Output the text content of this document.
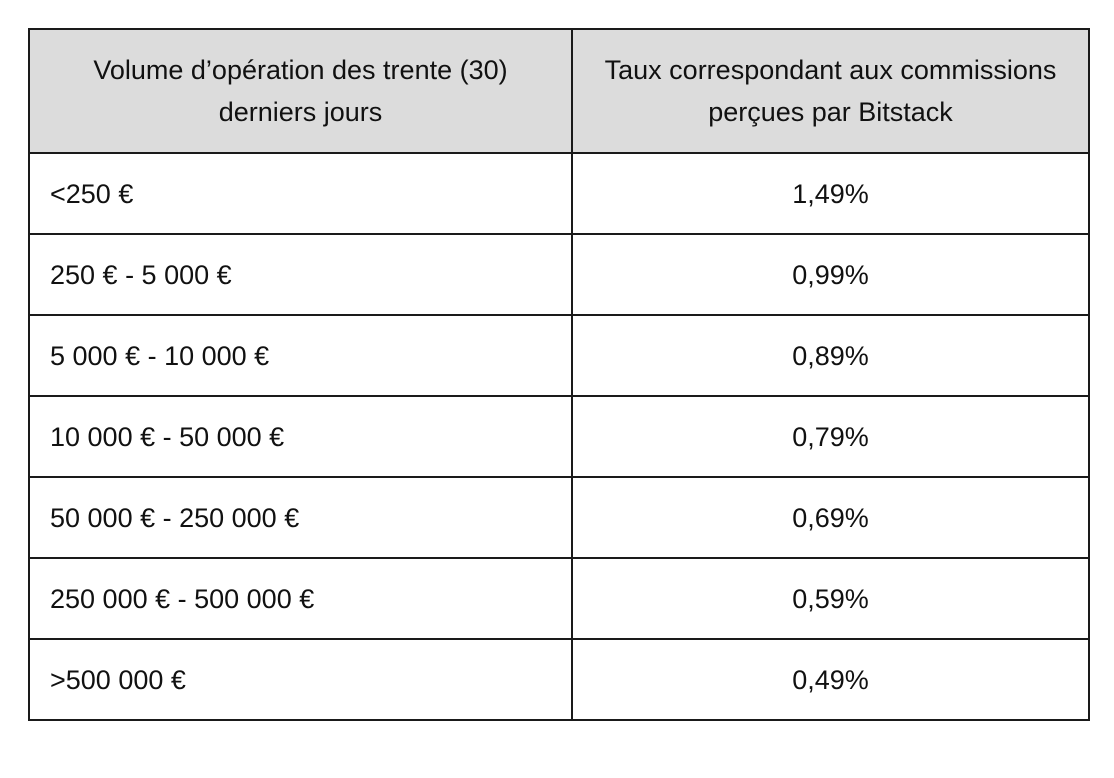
Volume d’opération des trente (30) derniers jours	Taux correspondant aux commissions perçues par Bitstack
<250 €	1,49%
250 € - 5 000 €	0,99%
5 000 € - 10 000 €	0,89%
10 000 € - 50 000 €	0,79%
50 000 € - 250 000 €	0,69%
250 000 € - 500 000 €	0,59%
>500 000 €	0,49%
